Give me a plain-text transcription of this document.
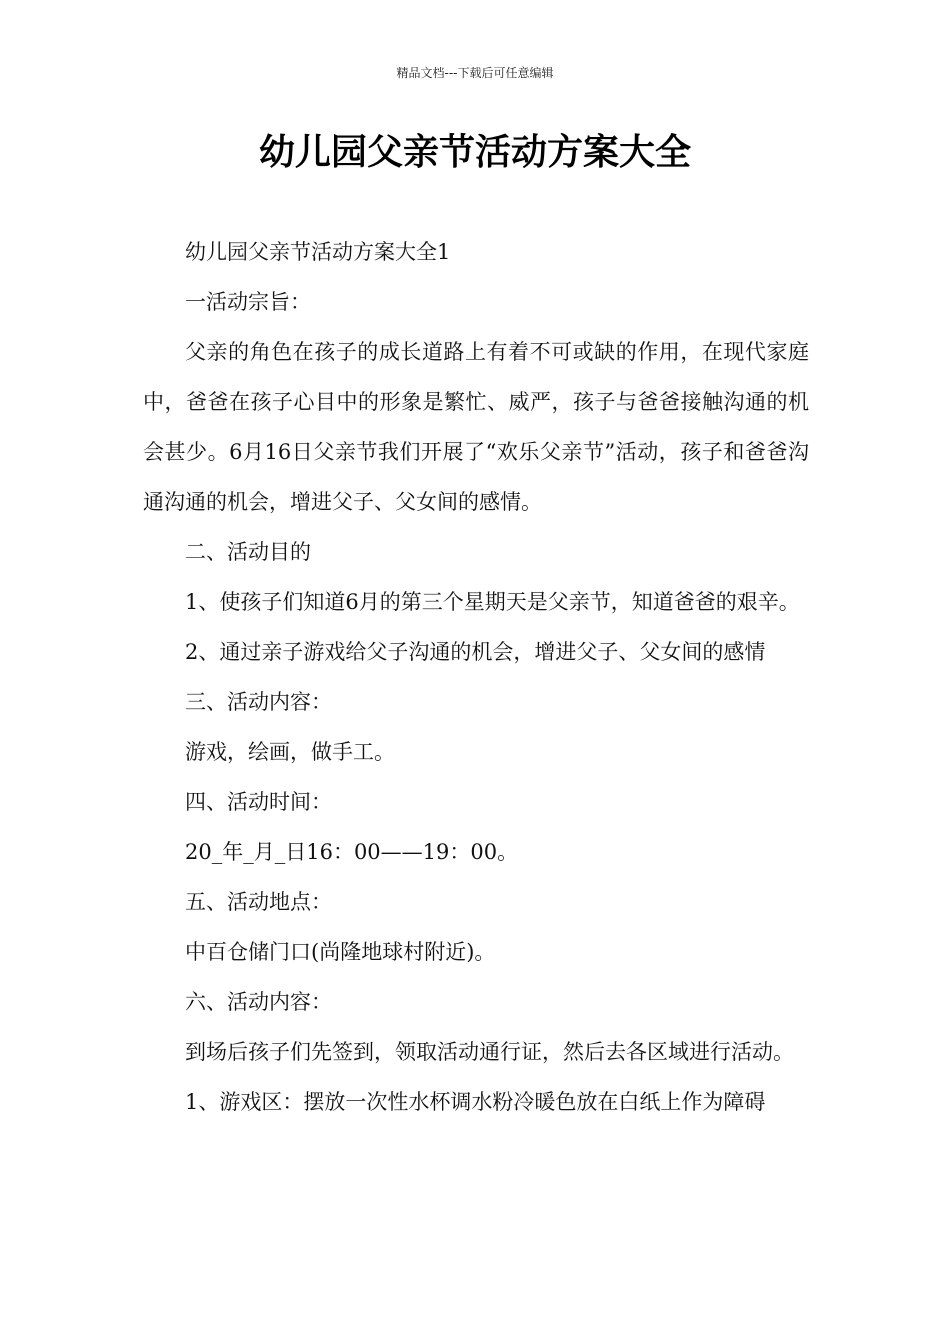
精品文档---下载后可任意编辑
幼儿园父亲节活动方案大全

幼儿园父亲节活动方案大全1

一活动宗旨：

父亲的角色在孩子的成长道路上有着不可或缺的作用，在现代家庭中，爸爸在孩子心目中的形象是繁忙、威严，孩子与爸爸接触沟通的机会甚少。6月16日父亲节我们开展了“欢乐父亲节”活动，孩子和爸爸沟通沟通的机会，增进父子、父女间的感情。

二、活动目的

1、使孩子们知道6月的第三个星期天是父亲节，知道爸爸的艰辛。

2、通过亲子游戏给父子沟通的机会，增进父子、父女间的感情

三、活动内容：

游戏，绘画，做手工。

四、活动时间：

20_年_月_日16：00——19：00。

五、活动地点：

中百仓储门口(尚隆地球村附近)。

六、活动内容：

到场后孩子们先签到，领取活动通行证，然后去各区域进行活动。

1、游戏区：摆放一次性水杯调水粉冷暖色放在白纸上作为障碍
